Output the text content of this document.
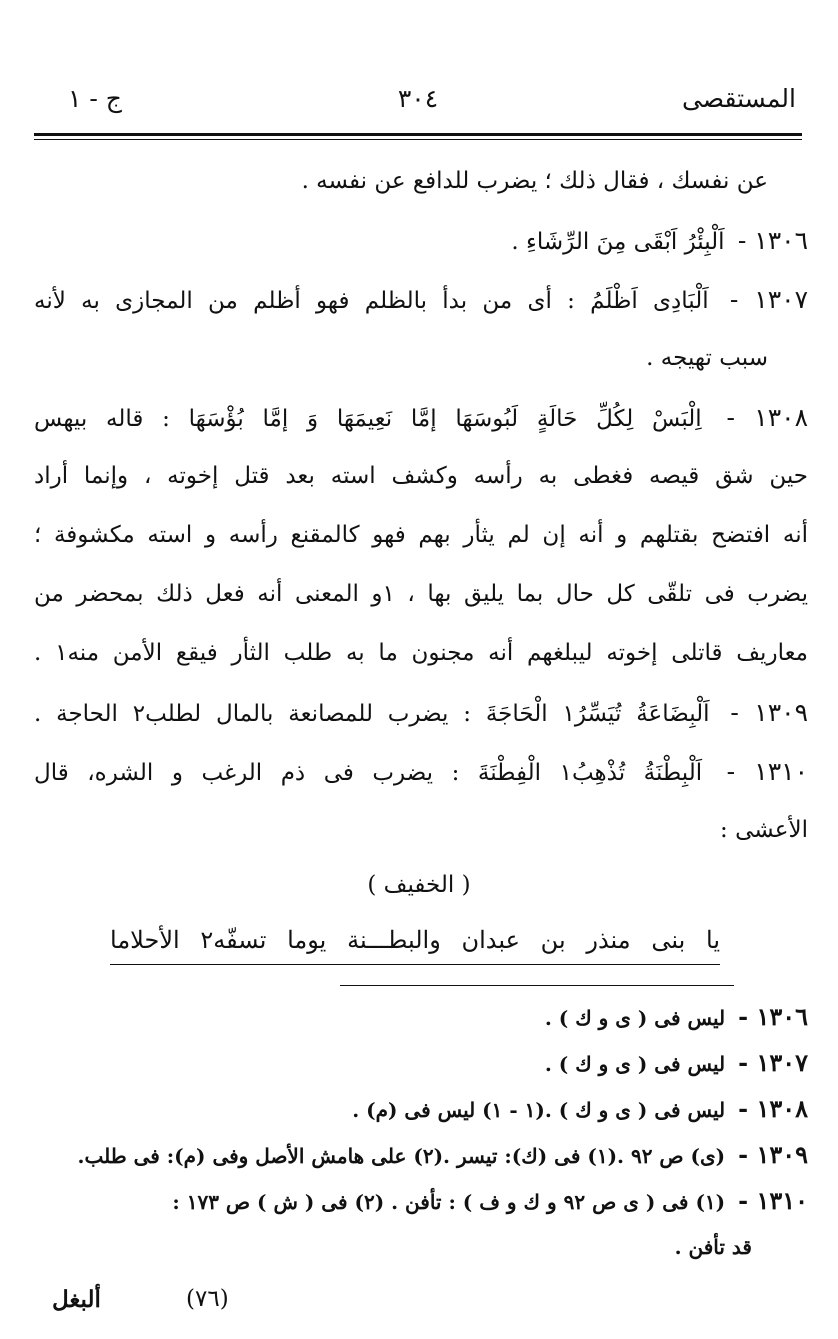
المستقصى
٣٠٤
ج - ١
عن نفسك ، فقال ذلك ؛ يضرب للدافع عن نفسه .
١٣٠٦ - اَلْبِئْرُ اَبْقَى مِنَ الرِّشَاءِ .
١٣٠٧ - اَلْبَادِى اَظْلَمُ : أى من بدأ بالظلم فهو أظلم من المجازى به لأنه
سبب تهيجه .
١٣٠٨ - اِلْبَسْ لِكُلِّ حَالَةٍ لَبُوسَهَا إمَّا نَعِيمَهَا وَ إمَّا بُؤْسَهَا : قاله بيهس
حين شق قيصه فغطى به رأسه وكشف استه بعد قتل إخوته ، وإنما أراد
أنه افتضح بقتلهم و أنه إن لم يثأر بهم فهو كالمقنع رأسه و استه مكشوفة ؛
يضرب فى تلقّى كل حال بما يليق بها ، ١و المعنى أنه فعل ذلك بمحضر من
معاريف قاتلى إخوته ليبلغهم أنه مجنون ما به طلب الثأر فيقع الأمن منه١ .
١٣٠٩ - اَلْبِضَاعَةُ تُيَسِّرُ١ الْحَاجَةَ : يضرب للمصانعة بالمال لطلب٢ الحاجة .
١٣١٠ - اَلْبِطْنَةُ تُذْهِبُ١ الْفِطْنَةَ : يضرب فى ذم الرغب و الشره، قال
الأعشى :
( الخفيف )
يا بنى منذر بن عبدان والبطـــنة يوما تسفّه٢ الأحلاما
١٣٠٦ - ليس فى ( ى و ك ) .
١٣٠٧ - ليس فى ( ى و ك ) .
١٣٠٨ - ليس فى ( ى و ك ) .(١ - ١) ليس فى (م) .
١٣٠٩ - (ى) ص ٩٢ .(١) فى (ك): تيسر .(٢) على هامش الأصل وفى (م): فى طلب.
١٣١٠ - (١) فى ( ى ص ٩٢ و ك و ف ) : تأفن . (٢) فى ( ش ) ص ١٧٣ :
قد تأفن .
(٧٦)
ألبغل
